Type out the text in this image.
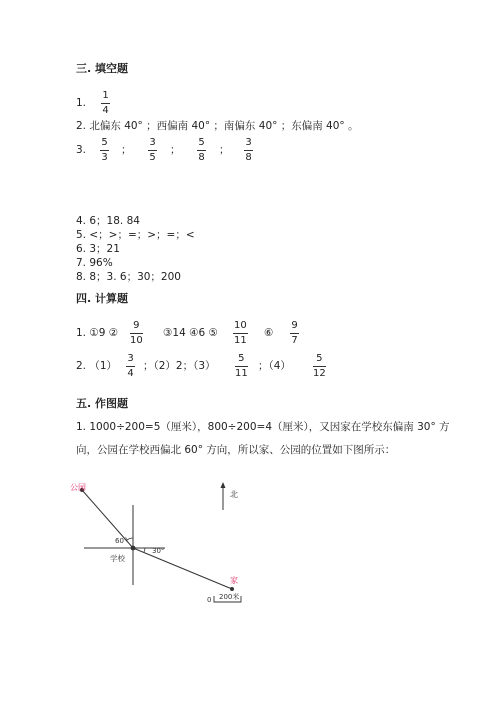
三. 填空题
1.
1
4
2. 北偏东 40° ；西偏南 40° ；南偏东 40° ；东偏南 40° 。
3.
5
3
；
3
5
；
5
8
；
3
8
4. 6；18. 84
5. <；>；=；>；=；<
6. 3；21
7. 96%
8. 8；3. 6；30；200
四. 计算题
1. ①9 ②
9
10
③14 ④6 ⑤
10
11
⑥
9
7
2. （1）
3
4
；（2）2；（3）
5
11
；（4）
5
12
五. 作图题
1. 1000÷200=5（厘米），800÷200=4（厘米），又因家在学校东偏南 30° 方
向，公园在学校西偏北 60° 方向，所以家、公园的位置如下图所示：
公园
学校
家
60°
30°
北
0 200米
